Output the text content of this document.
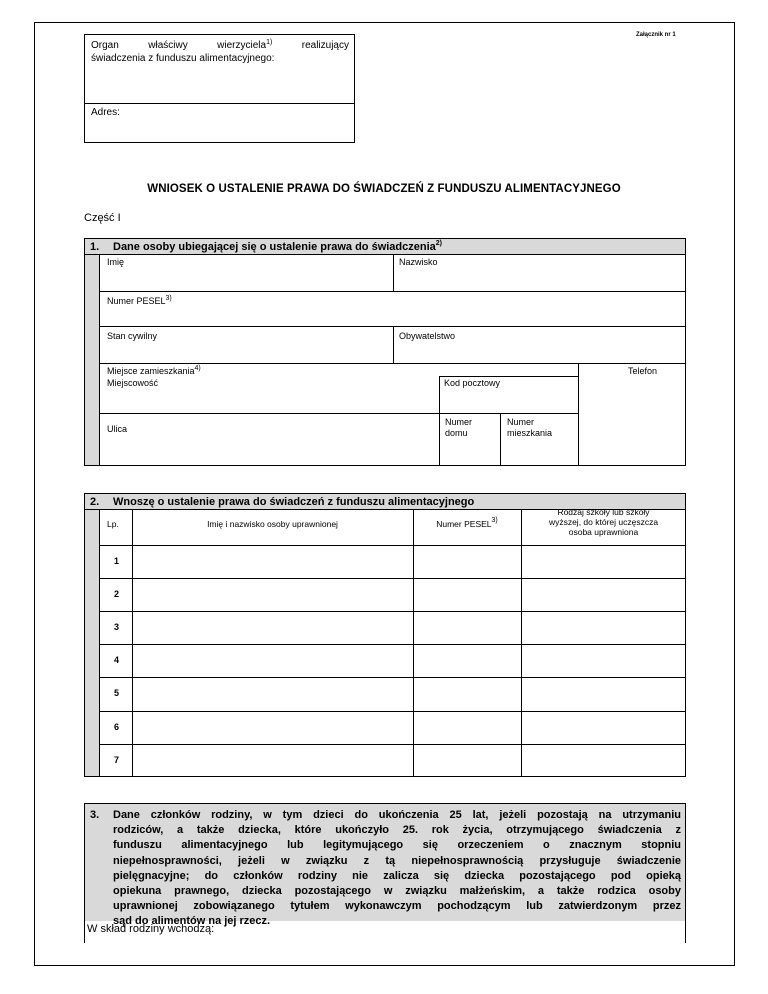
Załącznik nr 1
Organ	właściwy	wierzyciela$^{1)}$	realizujący
świadczenia z funduszu alimentacyjnego:
Adres:
WNIOSEK O USTALENIE PRAWA DO ŚWIADCZEŃ Z FUNDUSZU ALIMENTACYJNEGO
Część I
1. Dane osoby ubiegającej się o ustalenie prawa do świadczenia$^{2)}$
Imię	Nazwisko
Numer PESEL$^{3)}$
Stan cywilny	Obywatelstwo
Miejsce zamieszkania$^{4)}$
Miejscowość	Kod pocztowy
Telefon
Ulica
Numer
domu
Numer
mieszkania
2. Wnoszę o ustalenie prawa do świadczeń z funduszu alimentacyjnego
Lp.	Imię i nazwisko osoby uprawnionej	Numer PESEL$^{3)}$
Rodzaj szkoły lub szkoły
wyższej, do której uczęszcza
osoba uprawniona
1
2
3
4
5
6
7
3. Dane członków rodziny, w tym dzieci do ukończenia 25 lat, jeżeli pozostają na utrzymaniu
rodziców, a także dziecka, które ukończyło 25. rok życia, otrzymującego świadczenia z
funduszu alimentacyjnego lub legitymującego się orzeczeniem o znacznym stopniu
niepełnosprawności, jeżeli w związku z tą niepełnosprawnością przysługuje świadczenie
pielęgnacyjne; do członków rodziny nie zalicza się dziecka pozostającego pod opieką
opiekuna prawnego, dziecka pozostającego w związku małżeńskim, a także rodzica osoby
uprawnionej zobowiązanego tytułem wykonawczym pochodzącym lub zatwierdzonym przez
sąd do alimentów na jej rzecz.
W skład rodziny wchodzą:
